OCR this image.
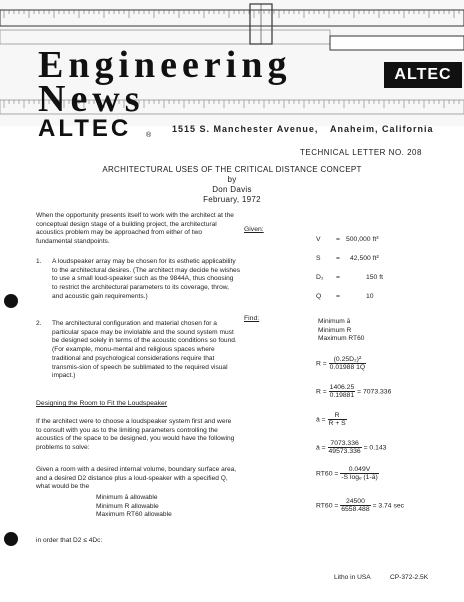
Engineering
News
ALTEC
ALTEC ®
1515 S. Manchester Avenue, Anaheim, California
TECHNICAL LETTER NO. 208
ARCHITECTURAL USES OF THE CRITICAL DISTANCE CONCEPT
by
Don Davis
February, 1972
When the opportunity presents itself to work with the architect at the conceptual design stage of a building project, the architectural acoustics problem may be approached from either of two fundamental standpoints.
1.	A loudspeaker array may be chosen for its esthetic applicability to the architectural desires. (The architect may decide he wishes to use a small loud-speaker such as the 9844A, thus choosing to restrict the architectural parameters to its coverage, throw, and acoustic gain requirements.)
2.	The architectural configuration and material chosen for a particular space may be inviolable and the sound system must be designed solely in terms of the acoustic conditions so found. (For example, monu-mental and religious spaces where traditional and psychological considerations require that transmis-sion of speech be sublimated to the required visual impact.)
Designing the Room to Fit the Loudspeaker
If the architect were to choose a loudspeaker system first and were to consult with you as to the limiting parameters controlling the acoustics of the space to be designed, you would have the following problems to solve:
Given a room with a desired internal volume, boundary surface area, and a desired D2 distance plus a loud-speaker with a specified Q, what would be the
Minimum ā allowable
Minimum R allowable
Maximum RT60 allowable
in order that D2 ≤ 4Dc:
Given:
V = 500,000 ft³
S = 42,500 ft²
D₂ =	150 ft
Q =	10
Find:	Minimum ā
Minimum R
Maximum RT60
$R = \frac{\text{(0.25D₂)²}}{0.01988 1Q}$
$R = \frac{1406.25}{0.19881} = 7073.336$
ā = $\frac{R}{R + S}$
ā = $\frac{7073.336}{49573.336} = 0.143$
$RT60 = \frac{0.049V}{\text{-S logₑ (1-ā)}}$
$RT60 = \frac{24500}{6558.488} = 3.74$ sec
Litho in USA	CP-372-2.5K
